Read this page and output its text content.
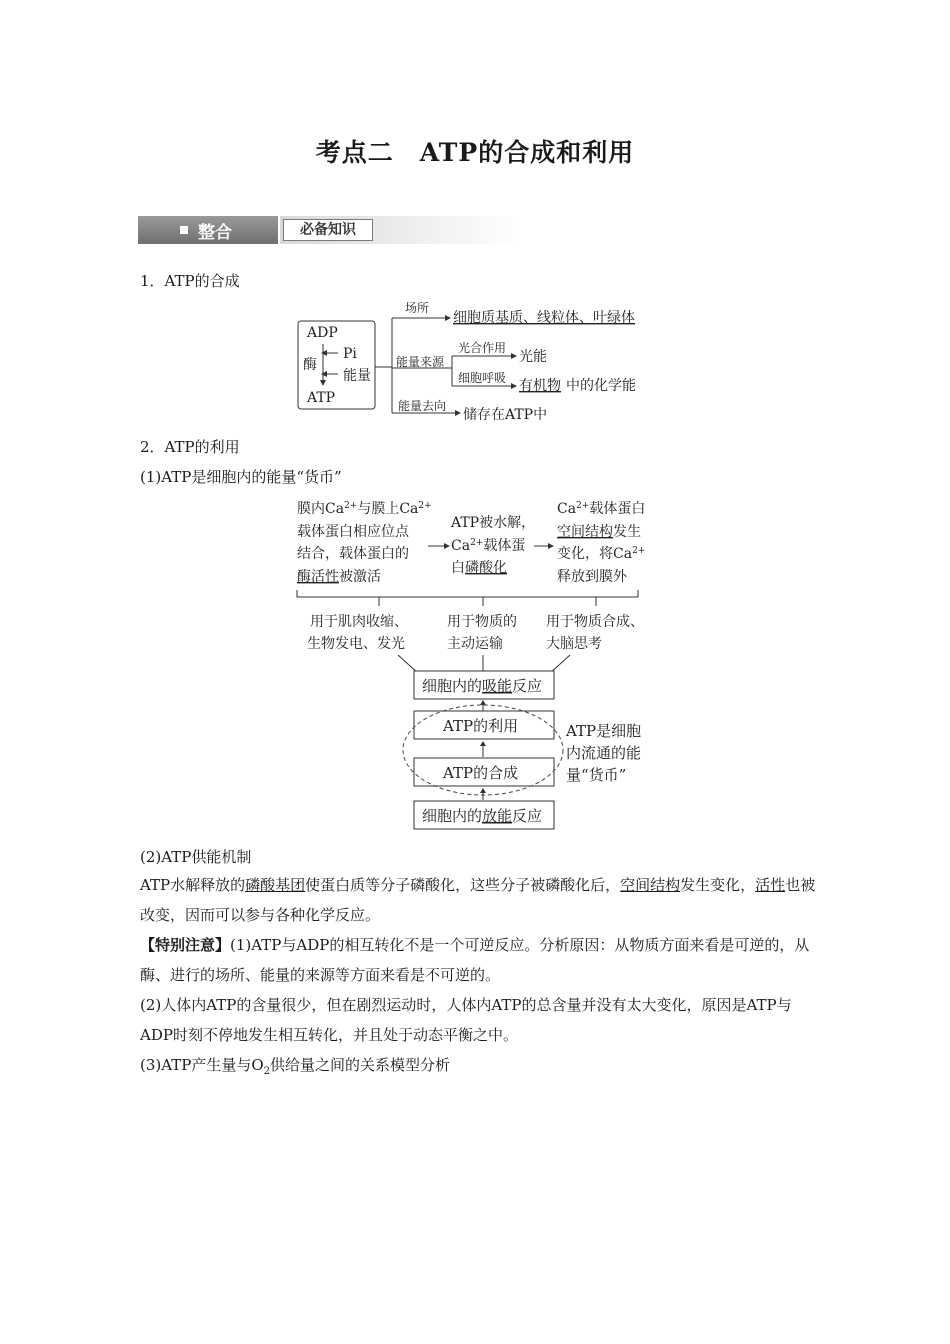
考点二　ATP的合成和利用
整合	必备知识
1．ATP的合成
ADP
Pi
酶
能量
ATP
场所
细胞质基质、线粒体、叶绿体
能量来源
光合作用
光能
细胞呼吸 有机物 中的化学能
能量去向
储存在ATP中
2．ATP的利用
(1)ATP是细胞内的能量“货币”
膜内$Ca^{2+}$与膜上$Ca^{2+}$
载体蛋白相应位点
结合，载体蛋白的
酶活性被激活
ATP被水解，
$Ca^{2+}$载体蛋
白磷酸化
$Ca^{2+}$载体蛋白
空间结构发生
变化，将$Ca^{2+}$
释放到膜外
用于肌肉收缩、
生物发电、发光
用于物质的
主动运输
用于物质合成、
大脑思考
细胞内的吸能反应
ATP的利用
ATP的合成
细胞内的放能反应
ATP是细胞
内流通的能
量“货币”
(2)ATP供能机制
ATP水解释放的磷酸基团使蛋白质等分子磷酸化，这些分子被磷酸化后，空间结构发生变化，活性也被改变，因而可以参与各种化学反应。
【特别注意】(1)ATP与ADP的相互转化不是一个可逆反应。分析原因：从物质方面来看是可逆的，从酶、进行的场所、能量的来源等方面来看是不可逆的。
(2)人体内ATP的含量很少，但在剧烈运动时，人体内ATP的总含量并没有太大变化，原因是ATP与ADP时刻不停地发生相互转化，并且处于动态平衡之中。
(3)ATP产生量与$O_2$供给量之间的关系模型分析
